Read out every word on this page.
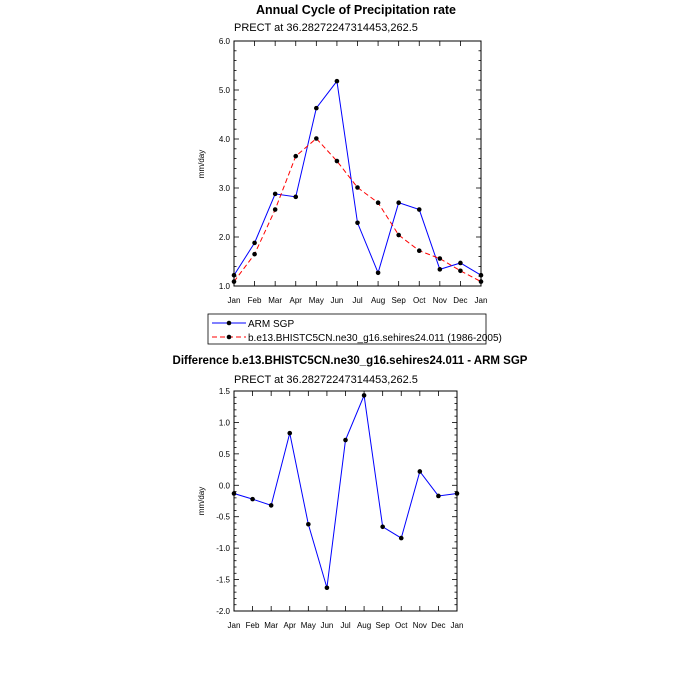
Annual Cycle of Precipitation rate
PRECT at 36.28272247314453,262.5
mm/day
Jan Feb Mar Apr May Jun Jul Aug Sep Oct Nov Dec Jan
1.0
2.0
3.0
4.0
5.0
6.0
ARM SGP
b.e13.BHISTC5CN.ne30_g16.sehires24.011 (1986-2005)
Difference b.e13.BHISTC5CN.ne30_g16.sehires24.011 - ARM SGP
PRECT at 36.28272247314453,262.5
mm/day
Jan Feb Mar Apr May Jun Jul Aug Sep Oct Nov Dec Jan
-2.0
-1.5
-1.0
-0.5
0.0
0.5
1.0
1.5
